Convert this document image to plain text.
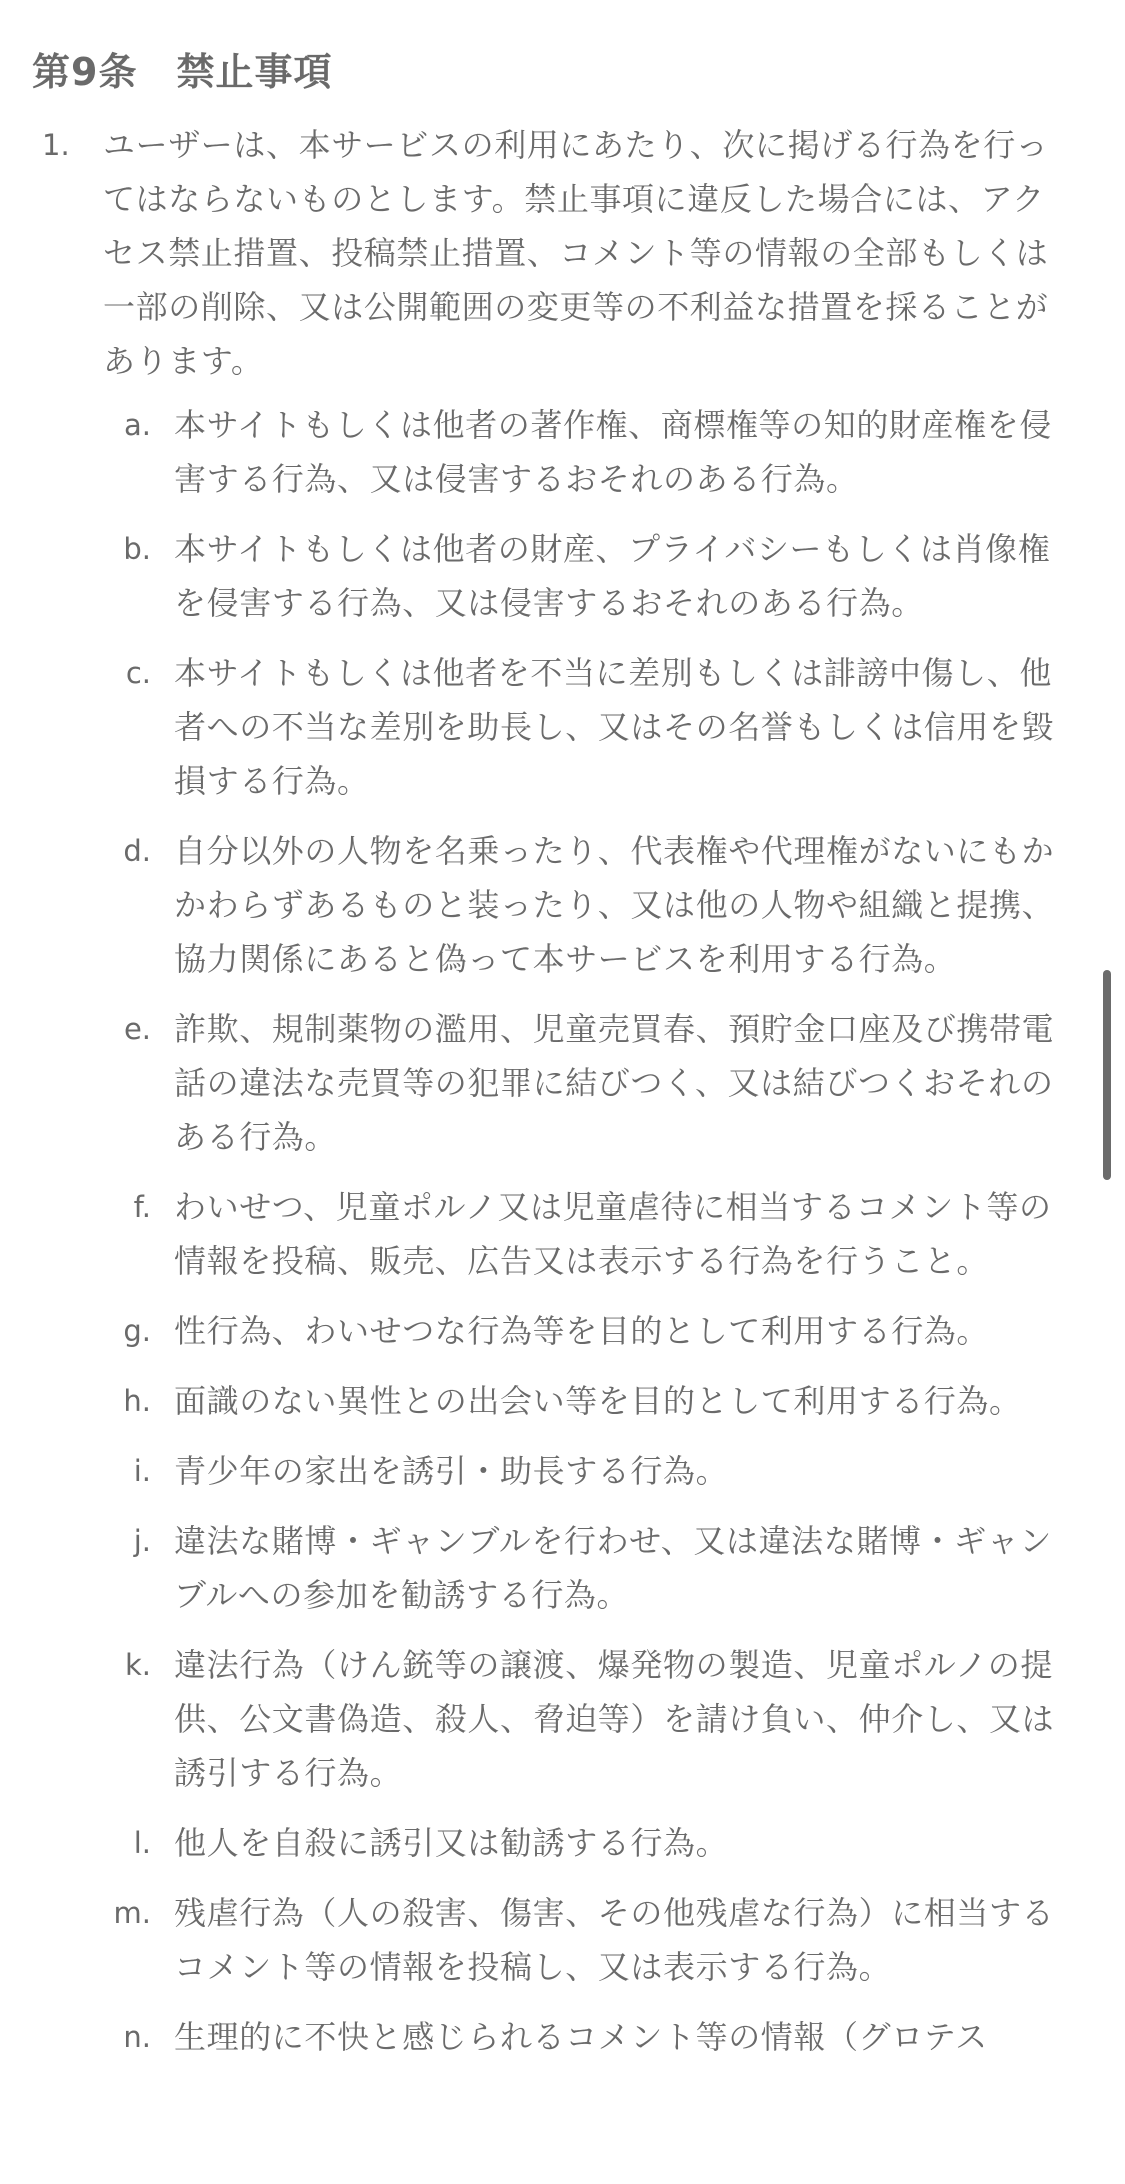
第9条　禁止事項
1. ユーザーは、本サービスの利用にあたり、次に掲げる行為を行ってはならないものとします。禁止事項に違反した場合には、アクセス禁止措置、投稿禁止措置、コメント等の情報の全部もしくは一部の削除、又は公開範囲の変更等の不利益な措置を採ることがあります。

a. 本サイトもしくは他者の著作権、商標権等の知的財産権を侵害する行為、又は侵害するおそれのある行為。
b. 本サイトもしくは他者の財産、プライバシーもしくは肖像権を侵害する行為、又は侵害するおそれのある行為。
c. 本サイトもしくは他者を不当に差別もしくは誹謗中傷し、他者への不当な差別を助長し、又はその名誉もしくは信用を毀損する行為。
d. 自分以外の人物を名乗ったり、代表権や代理権がないにもかかわらずあるものと装ったり、又は他の人物や組織と提携、協力関係にあると偽って本サービスを利用する行為。
e. 詐欺、規制薬物の濫用、児童売買春、預貯金口座及び携帯電話の違法な売買等の犯罪に結びつく、又は結びつくおそれのある行為。
f. わいせつ、児童ポルノ又は児童虐待に相当するコメント等の情報を投稿、販売、広告又は表示する行為を行うこと。
g. 性行為、わいせつな行為等を目的として利用する行為。
h. 面識のない異性との出会い等を目的として利用する行為。
i. 青少年の家出を誘引・助長する行為。
j. 違法な賭博・ギャンブルを行わせ、又は違法な賭博・ギャンブルへの参加を勧誘する行為。
k. 違法行為（けん銃等の譲渡、爆発物の製造、児童ポルノの提供、公文書偽造、殺人、脅迫等）を請け負い、仲介し、又は誘引する行為。
l. 他人を自殺に誘引又は勧誘する行為。
m. 残虐行為（人の殺害、傷害、その他残虐な行為）に相当するコメント等の情報を投稿し、又は表示する行為。
n. 生理的に不快と感じられるコメント等の情報（グロテス
